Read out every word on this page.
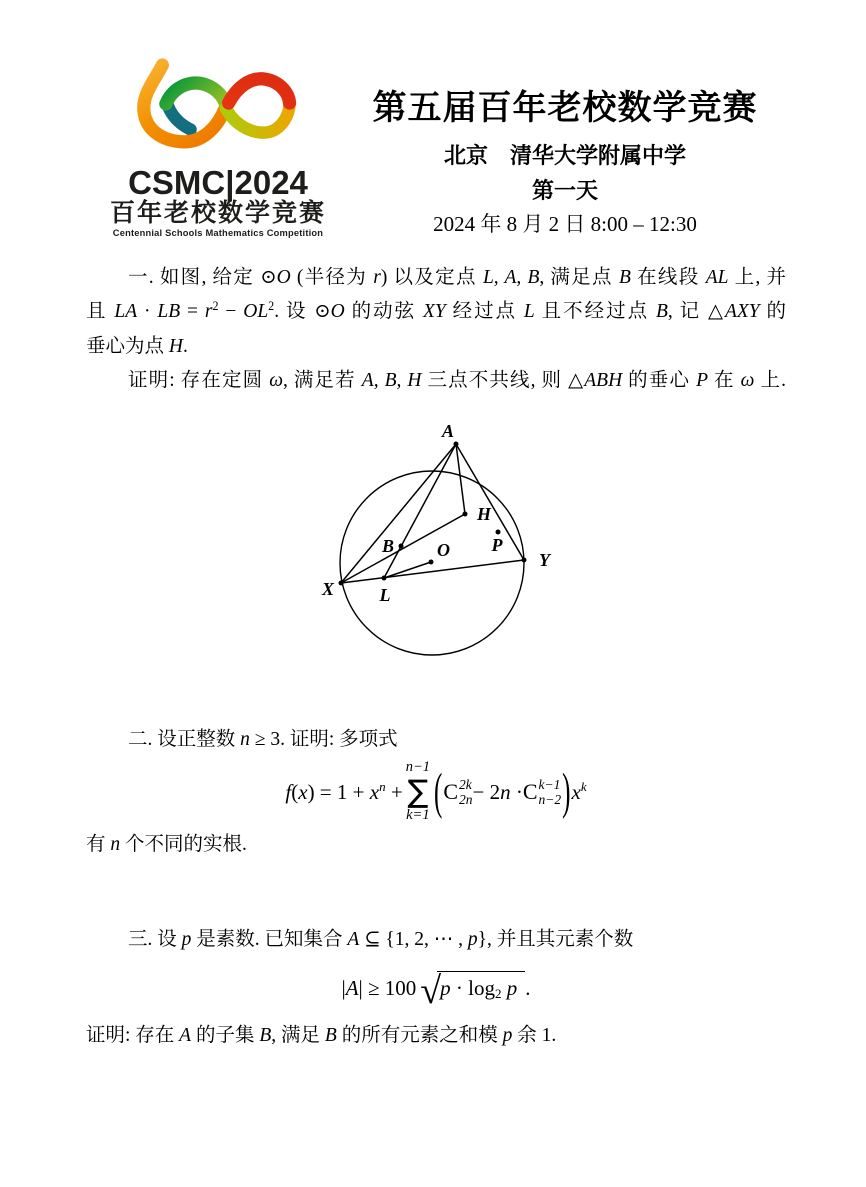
CSMC|2024
百年老校数学竞赛
Centennial Schools Mathematics Competition
第五届百年老校数学竞赛
北京　清华大学附属中学
第一天
2024 年 8 月 2 日 8:00 – 12:30
一. 如图, 给定 ⊙O (半径为 r) 以及定点 L, A, B, 满足点 B 在线段 AL 上, 并
且 LA · LB = $r^2 - OL^2$. 设 ⊙O 的动弦 XY 经过点 L 且不经过点 B, 记 △AXY 的
垂心为点 H.
证明: 存在定圆 ω, 满足若 A, B, H 三点不共线, 则 △ABH 的垂心 P 在 ω 上.
A
X
Y
L
B O
H
P
二. 设正整数 n ≥ 3. 证明: 多项式
$f(x) = 1 + x^n$ +
n−1
∑
k=1 ( C 2k
2n − 2n · C k−1
n−2 ) $x^k$
有 n 个不同的实根.
三. 设 p 是素数. 已知集合 A ⊆ {1, 2, ⋯ , p}, 并且其元素个数
|A| ≥ 100 √ p · log2 p .
证明: 存在 A 的子集 B, 满足 B 的所有元素之和模 p 余 1.
